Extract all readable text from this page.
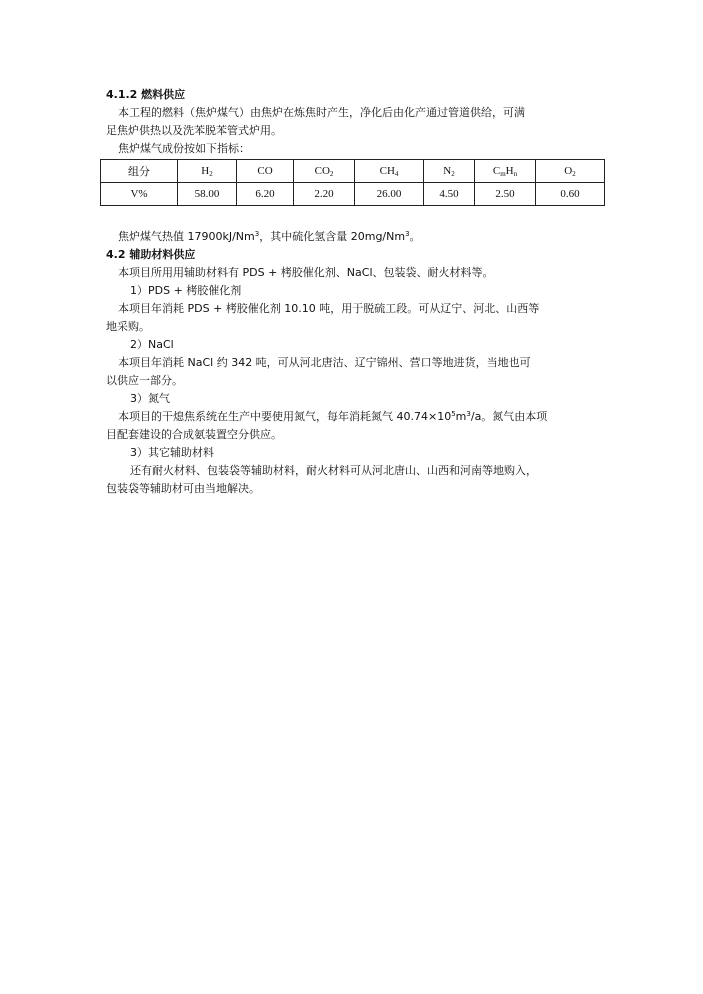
4.1.2 燃料供应
本工程的燃料（焦炉煤气）由焦炉在炼焦时产生，净化后由化产通过管道供给，可满
足焦炉供热以及洗苯脱苯管式炉用。
焦炉煤气成份按如下指标：
组分	$H_2$	CO	$CO_2$	$CH_4$	$N_2$	$C_mH_n$	$O_2$
V%	58.00	6.20	2.20	26.00	4.50	2.50	0.60
焦炉煤气热值 17900kJ/Nm$^3$，其中硫化氢含量 20mg/Nm$^3$。
4.2 辅助材料供应
本项目所用用辅助材料有 PDS + 栲胶催化剂、NaCl、包装袋、耐火材料等。
1）PDS + 栲胶催化剂
本项目年消耗 PDS + 栲胶催化剂 10.10 吨，用于脱硫工段。可从辽宁、河北、山西等
地采购。
2）NaCl
本项目年消耗 NaCl 约 342 吨，可从河北唐沽、辽宁锦州、营口等地进货，当地也可
以供应一部分。
3）氮气
本项目的干熄焦系统在生产中要使用氮气，每年消耗氮气 $40.74\times 10^5m^3/a$。氮气由本项
目配套建设的合成氨装置空分供应。
3）其它辅助材料
还有耐火材料、包装袋等辅助材料，耐火材料可从河北唐山、山西和河南等地购入，
包装袋等辅助材可由当地解决。
